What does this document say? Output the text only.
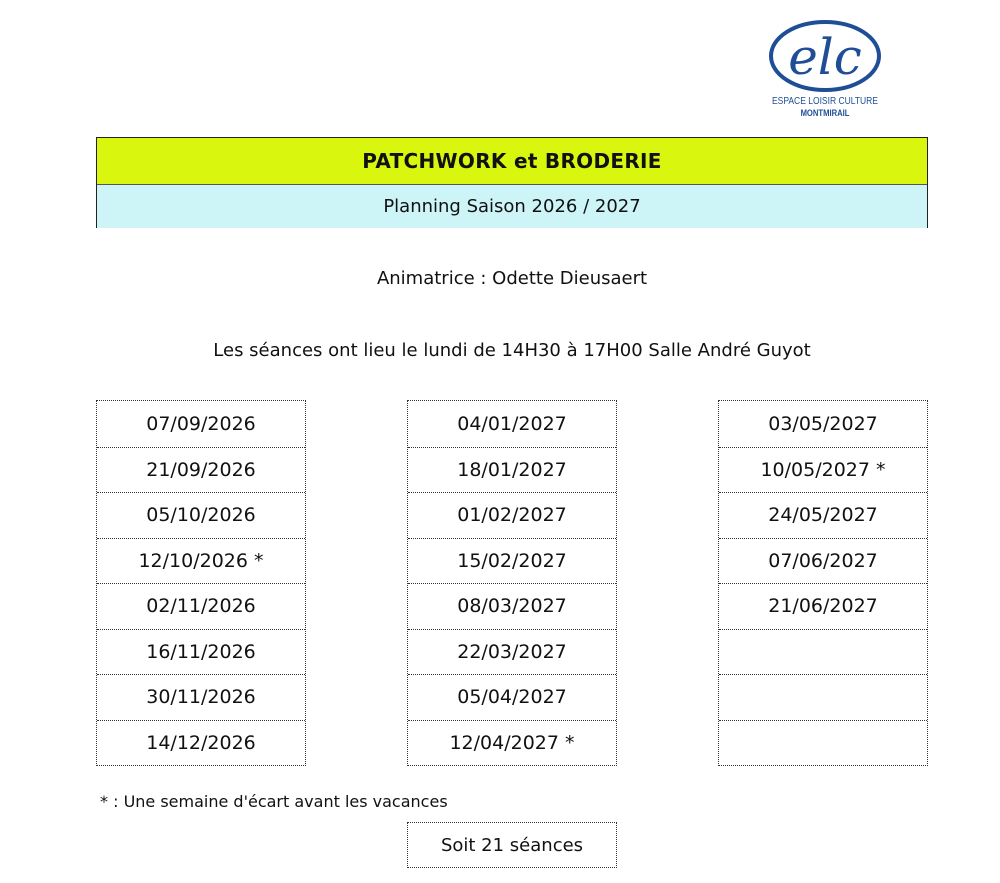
elc
ESPACE LOISIR CULTURE
MONTMIRAIL
PATCHWORK et BRODERIE
Planning Saison 2026 / 2027
Animatrice : Odette Dieusaert
Les séances ont lieu le lundi de 14H30 à 17H00 Salle André Guyot
07/09/2026
21/09/2026
05/10/2026
12/10/2026 *
02/11/2026
16/11/2026
30/11/2026
14/12/2026
04/01/2027
18/01/2027
01/02/2027
15/02/2027
08/03/2027
22/03/2027
05/04/2027
12/04/2027 *
03/05/2027
10/05/2027 *
24/05/2027
07/06/2027
21/06/2027
* : Une semaine d'écart avant les vacances
Soit 21 séances
